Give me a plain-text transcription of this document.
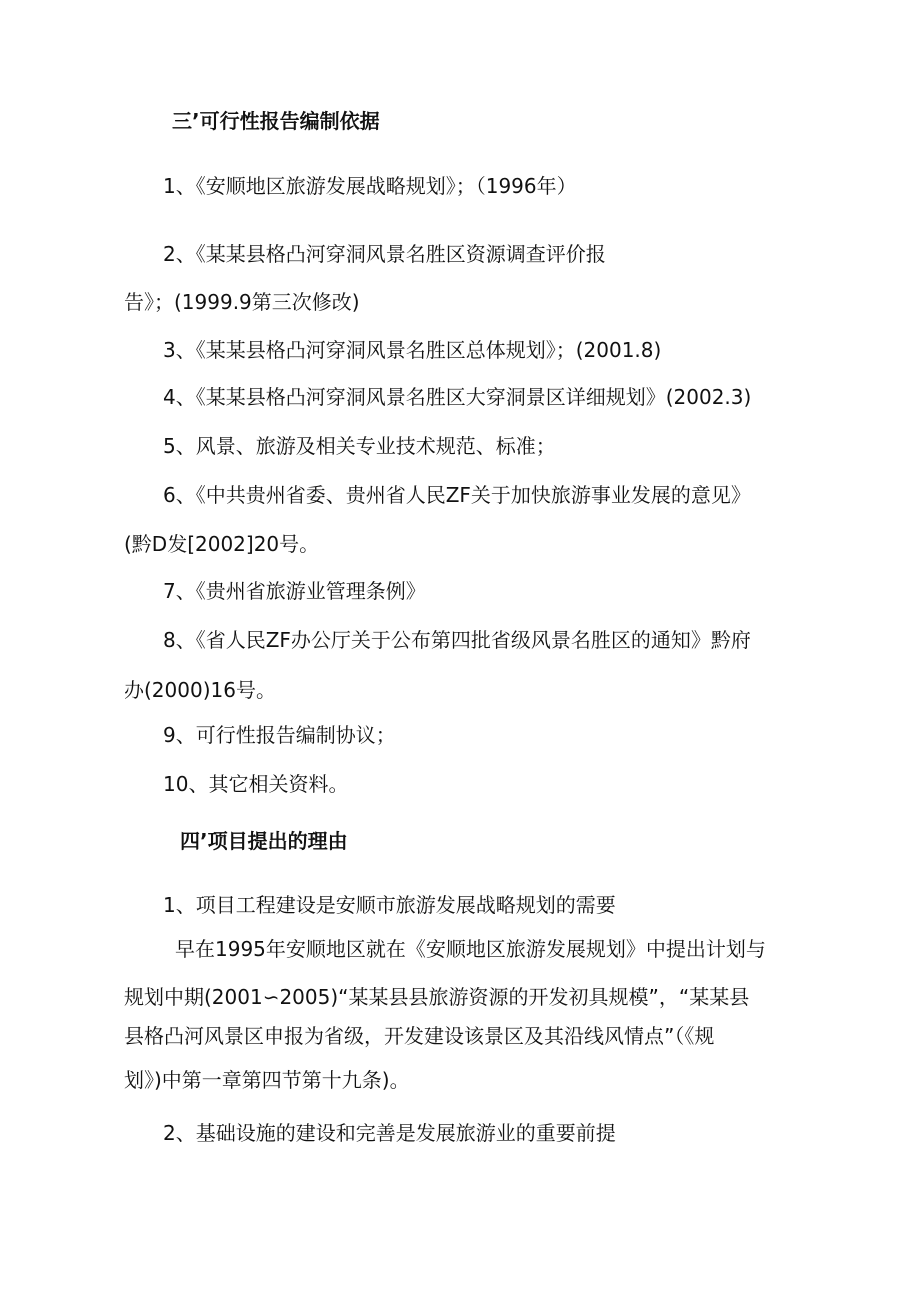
三’可行性报告编制依据

1、《安顺地区旅游发展战略规划》；（1996年）

2、《某某县格凸河穿洞风景名胜区资源调查评价报

告》；(1999.9第三次修改)

3、《某某县格凸河穿洞风景名胜区总体规划》；(2001.8)

4、《某某县格凸河穿洞风景名胜区大穿洞景区详细规划》(2002.3)

5、风景、旅游及相关专业技术规范、标准；

6、《中共贵州省委、贵州省人民ZF关于加快旅游事业发展的意见》

(黔D发[2002]20号。

7、《贵州省旅游业管理条例》

8、《省人民ZF办公厅关于公布第四批省级风景名胜区的通知》黔府

办(2000)16号。

9、可行性报告编制协议；

10、其它相关资料。

四’项目提出的理由

1、项目工程建设是安顺市旅游发展战略规划的需要

早在1995年安顺地区就在《安顺地区旅游发展规划》中提出计划与

规划中期(2001∽2005)“某某县县旅游资源的开发初具规模”，“某某县

县格凸河风景区申报为省级，开发建设该景区及其沿线风情点”（《规

划》)中第一章第四节第十九条)。

2、基础设施的建设和完善是发展旅游业的重要前提
